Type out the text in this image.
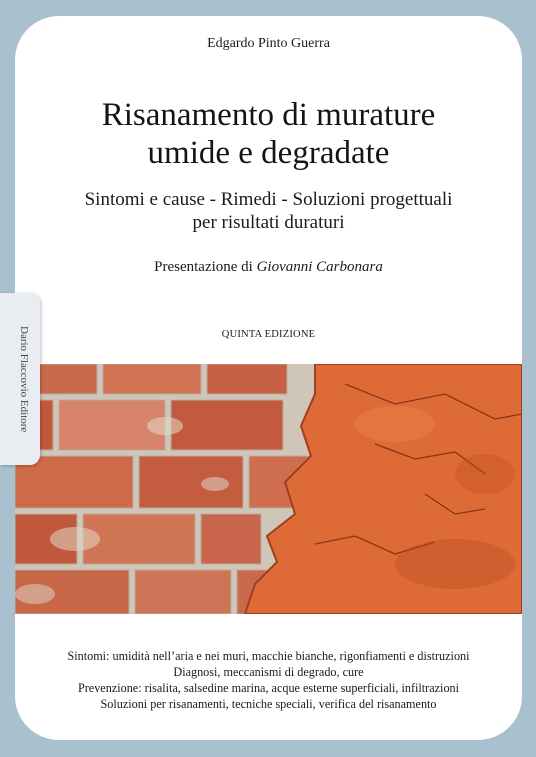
Edgardo Pinto Guerra
Risanamento di murature
umide e degradate
Sintomi e cause - Rimedi - Soluzioni progettuali
per risultati duraturi
Presentazione di Giovanni Carbonara
QUINTA EDIZIONE
Sintomi: umidità nell’aria e nei muri, macchie bianche, rigonfiamenti e distruzioni
Diagnosi, meccanismi di degrado, cure
Prevenzione: risalita, salsedine marina, acque esterne superficiali, infiltrazioni
Soluzioni per risanamenti, tecniche speciali, verifica del risanamento
Dario Flaccovio Editore
